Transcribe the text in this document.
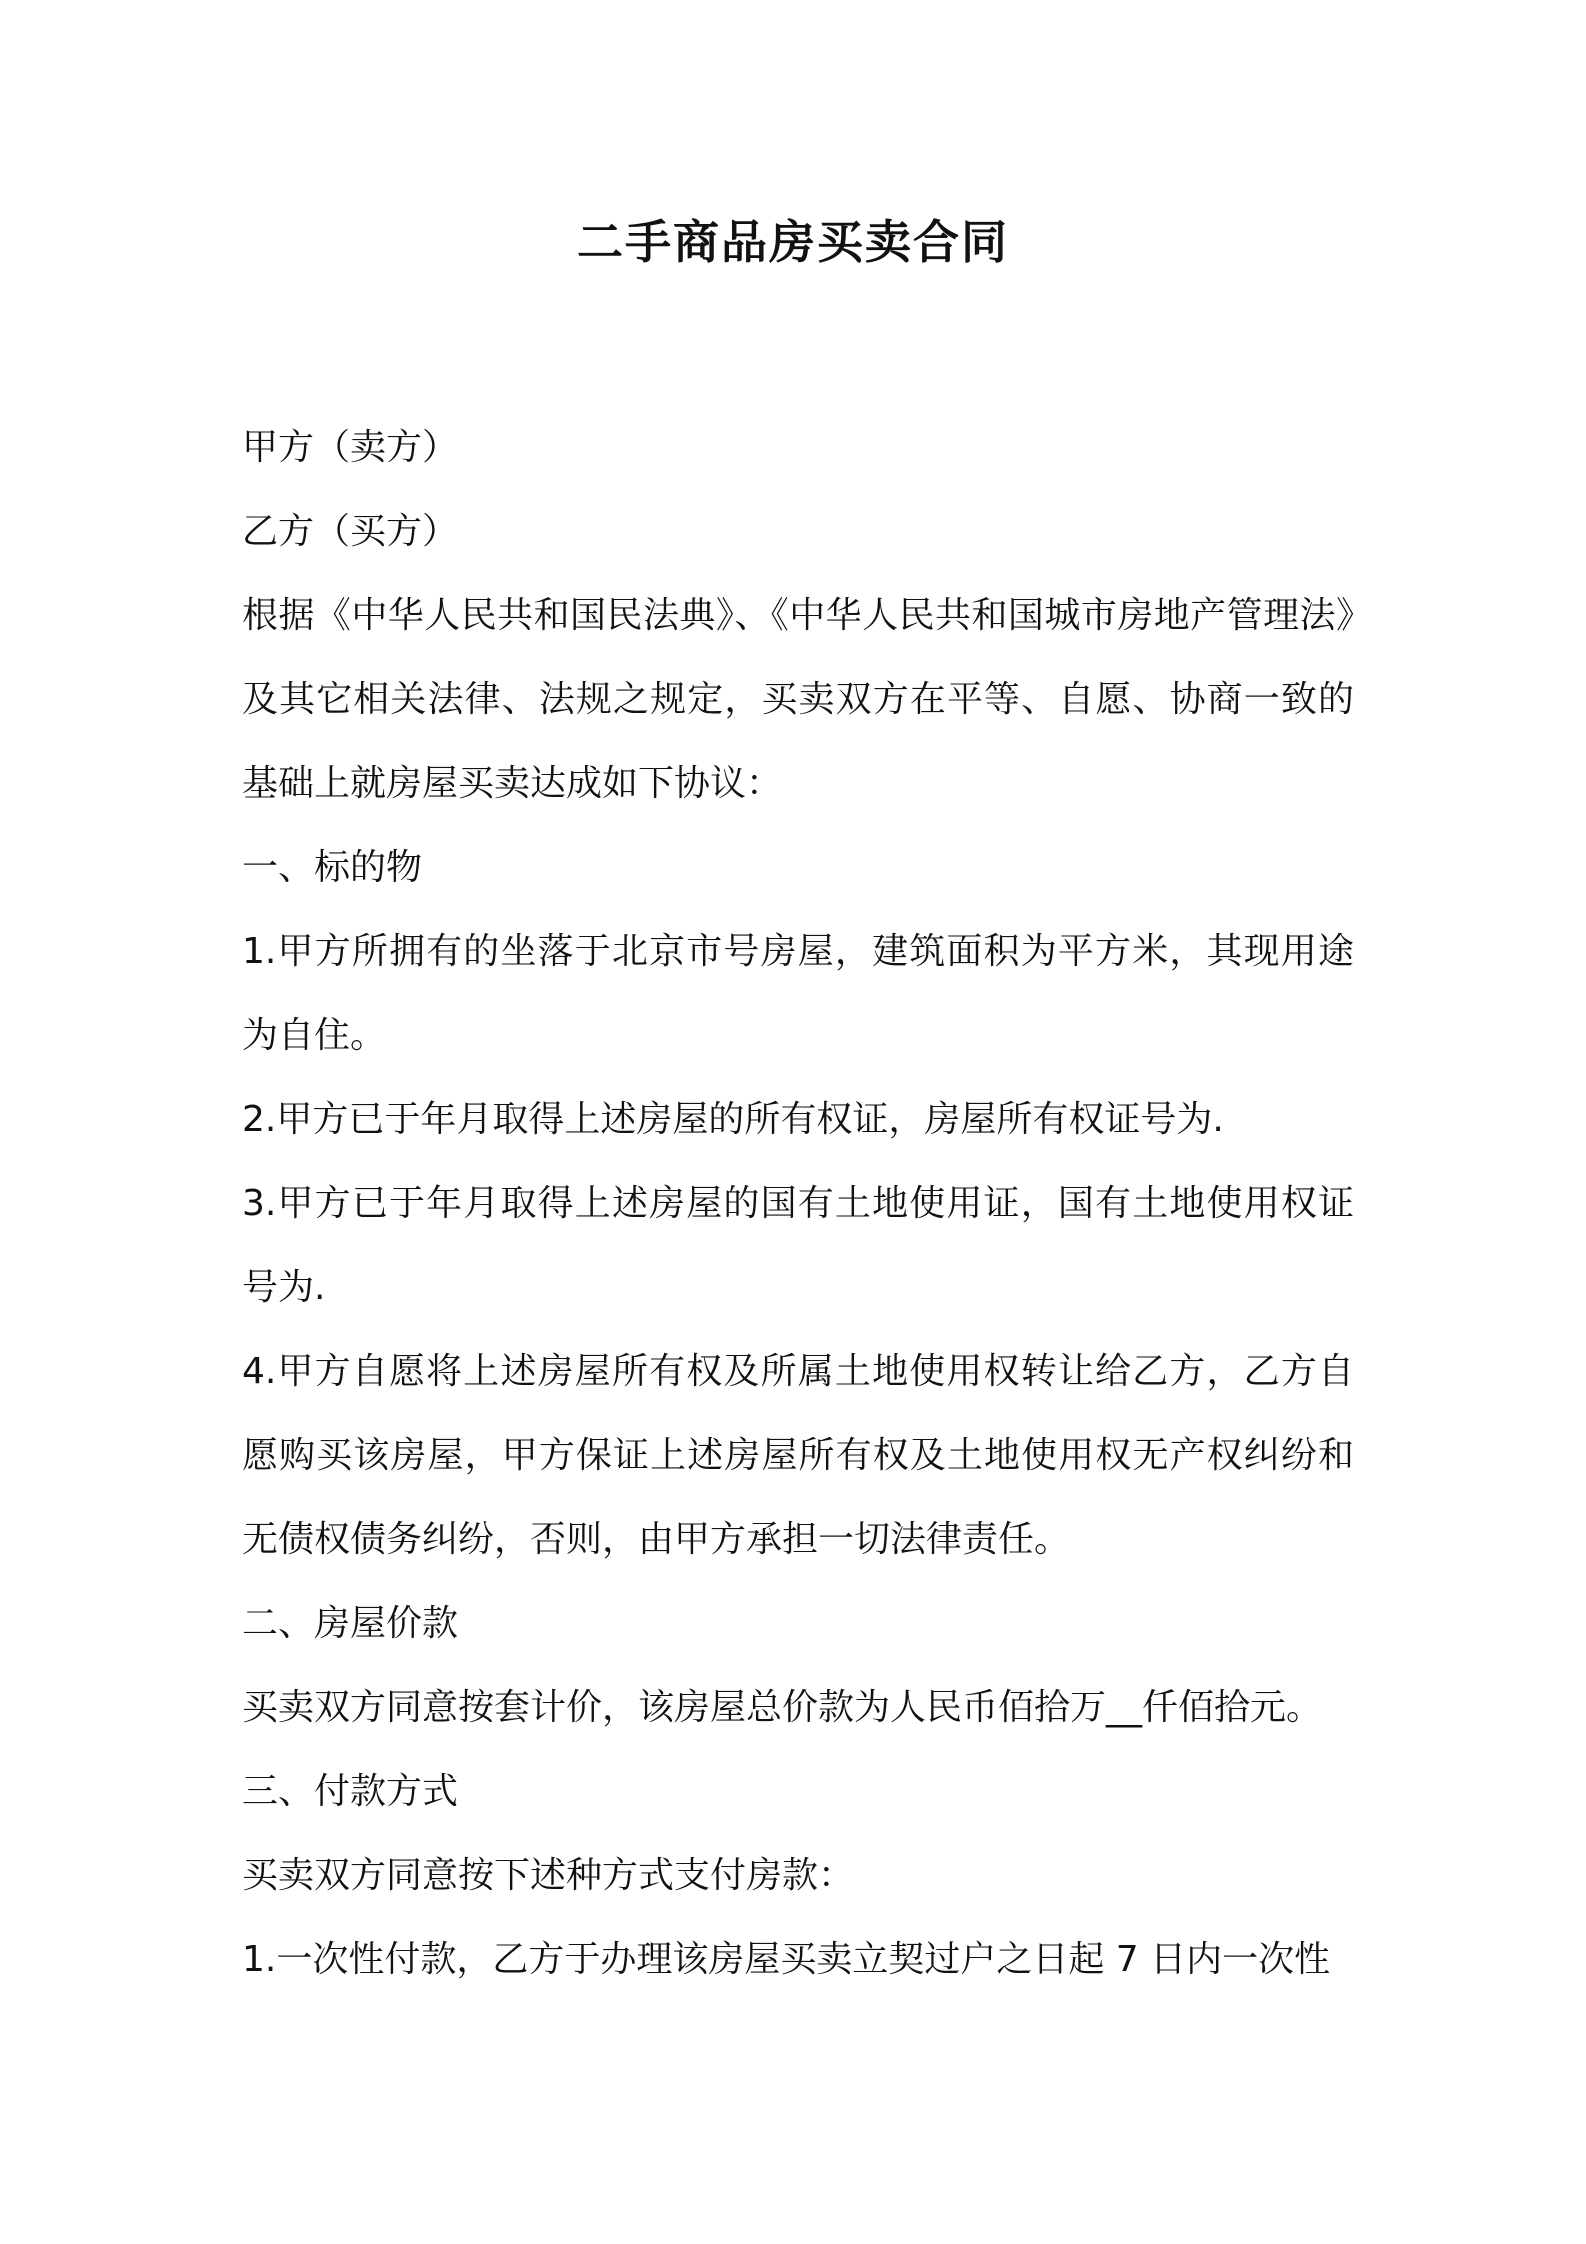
二手商品房买卖合同

甲方（卖方）

乙方（买方）

根据《中华人民共和国民法典》、《中华人民共和国城市房地产管理法》及其它相关法律、法规之规定，买卖双方在平等、自愿、协商一致的基础上就房屋买卖达成如下协议：

一、标的物

1.甲方所拥有的坐落于北京市号房屋，建筑面积为平方米，其现用途为自住。

2.甲方已于年月取得上述房屋的所有权证，房屋所有权证号为.

3.甲方已于年月取得上述房屋的国有土地使用证，国有土地使用权证号为.

4.甲方自愿将上述房屋所有权及所属土地使用权转让给乙方，乙方自愿购买该房屋，甲方保证上述房屋所有权及土地使用权无产权纠纷和无债权债务纠纷，否则，由甲方承担一切法律责任。

二、房屋价款

买卖双方同意按套计价，该房屋总价款为人民币佰拾万__仟佰拾元。

三、付款方式

买卖双方同意按下述种方式支付房款：

1.一次性付款，乙方于办理该房屋买卖立契过户之日起 7 日内一次性
